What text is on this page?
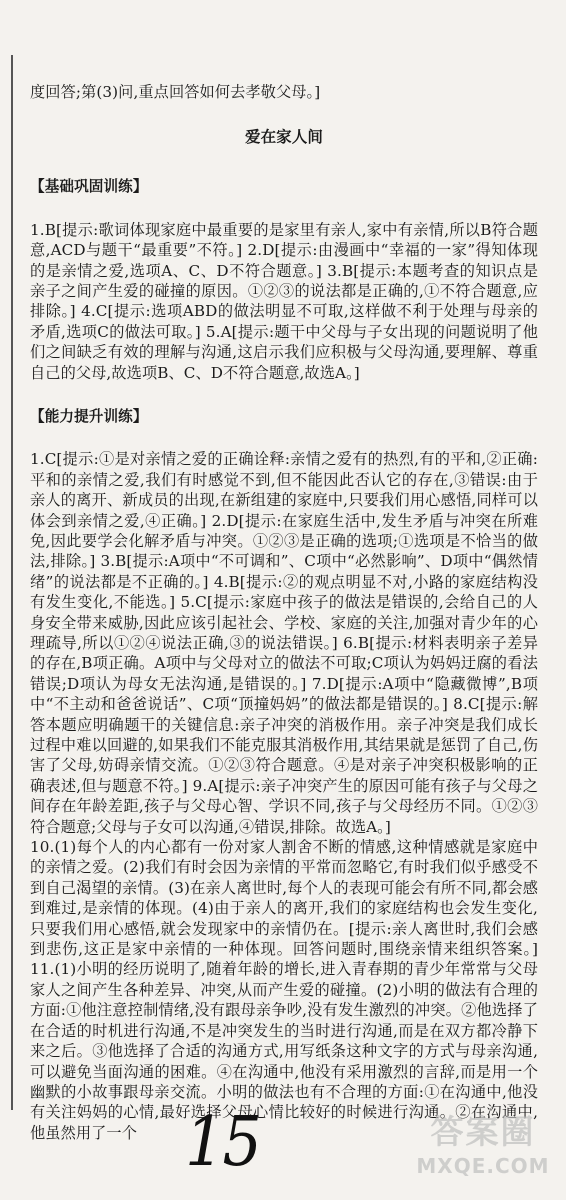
度回答;第(3)问,重点回答如何去孝敬父母。]

爱在家人间

【基础巩固训练】

1.B[提示:歌词体现家庭中最重要的是家里有亲人,家中有亲情,所以B符合题意,ACD与题干“最重要”不符。] 2.D[提示:由漫画中“幸福的一家”得知体现的是亲情之爱,选项A、C、D不符合题意。] 3.B[提示:本题考查的知识点是亲子之间产生爱的碰撞的原因。①②③的说法都是正确的,①不符合题意,应排除。] 4.C[提示:选项ABD的做法明显不可取,这样做不利于处理与母亲的矛盾,选项C的做法可取。] 5.A[提示:题干中父母与子女出现的问题说明了他们之间缺乏有效的理解与沟通,这启示我们应积极与父母沟通,要理解、尊重自己的父母,故选项B、C、D不符合题意,故选A。]

【能力提升训练】

1.C[提示:①是对亲情之爱的正确诠释:亲情之爱有的热烈,有的平和,②正确:平和的亲情之爱,我们有时感觉不到,但不能因此否认它的存在,③错误:由于亲人的离开、新成员的出现,在新组建的家庭中,只要我们用心感悟,同样可以体会到亲情之爱,④正确。] 2.D[提示:在家庭生活中,发生矛盾与冲突在所难免,因此要学会化解矛盾与冲突。①②③是正确的选项;①选项是不恰当的做法,排除。] 3.B[提示:A项中“不可调和”、C项中“必然影响”、D项中“偶然情绪”的说法都是不正确的。] 4.B[提示:②的观点明显不对,小路的家庭结构没有发生变化,不能选。] 5.C[提示:家庭中孩子的做法是错误的,会给自己的人身安全带来威胁,因此应该引起社会、学校、家庭的关注,加强对青少年的心理疏导,所以①②④说法正确,③的说法错误。] 6.B[提示:材料表明亲子差异的存在,B项正确。A项中与父母对立的做法不可取;C项认为妈妈迂腐的看法错误;D项认为母女无法沟通,是错误的。] 7.D[提示:A项中“隐藏微博”,B项中“不主动和爸爸说话”、C项“顶撞妈妈”的做法都是错误的。] 8.C[提示:解答本题应明确题干的关键信息:亲子冲突的消极作用。亲子冲突是我们成长过程中难以回避的,如果我们不能克服其消极作用,其结果就是惩罚了自己,伤害了父母,妨碍亲情交流。①②③符合题意。④是对亲子冲突积极影响的正确表述,但与题意不符。] 9.A[提示:亲子冲突产生的原因可能有孩子与父母之间存在年龄差距,孩子与父母心智、学识不同,孩子与父母经历不同。①②③符合题意;父母与子女可以沟通,④错误,排除。故选A。]
10.(1)每个人的内心都有一份对家人割舍不断的情感,这种情感就是家庭中的亲情之爱。(2)我们有时会因为亲情的平常而忽略它,有时我们似乎感受不到自己渴望的亲情。(3)在亲人离世时,每个人的表现可能会有所不同,都会感到难过,是亲情的体现。(4)由于亲人的离开,我们的家庭结构也会发生变化,只要我们用心感悟,就会发现家中的亲情仍在。[提示:亲人离世时,我们会感到悲伤,这正是家中亲情的一种体现。回答问题时,围绕亲情来组织答案。] 11.(1)小明的经历说明了,随着年龄的增长,进入青春期的青少年常常与父母家人之间产生各种差异、冲突,从而产生爱的碰撞。(2)小明的做法有合理的方面:①他注意控制情绪,没有跟母亲争吵,没有发生激烈的冲突。②他选择了在合适的时机进行沟通,不是冲突发生的当时进行沟通,而是在双方都冷静下来之后。③他选择了合适的沟通方式,用写纸条这种文字的方式与母亲沟通,可以避免当面沟通的困难。④在沟通中,他没有采用激烈的言辞,而是用一个幽默的小故事跟母亲交流。小明的做法也有不合理的方面:①在沟通中,他没有关注妈妈的心情,最好选择父母心情比较好的时候进行沟通。②在沟通中,他虽然用了一个 15	答案圈
MXQE.COM
